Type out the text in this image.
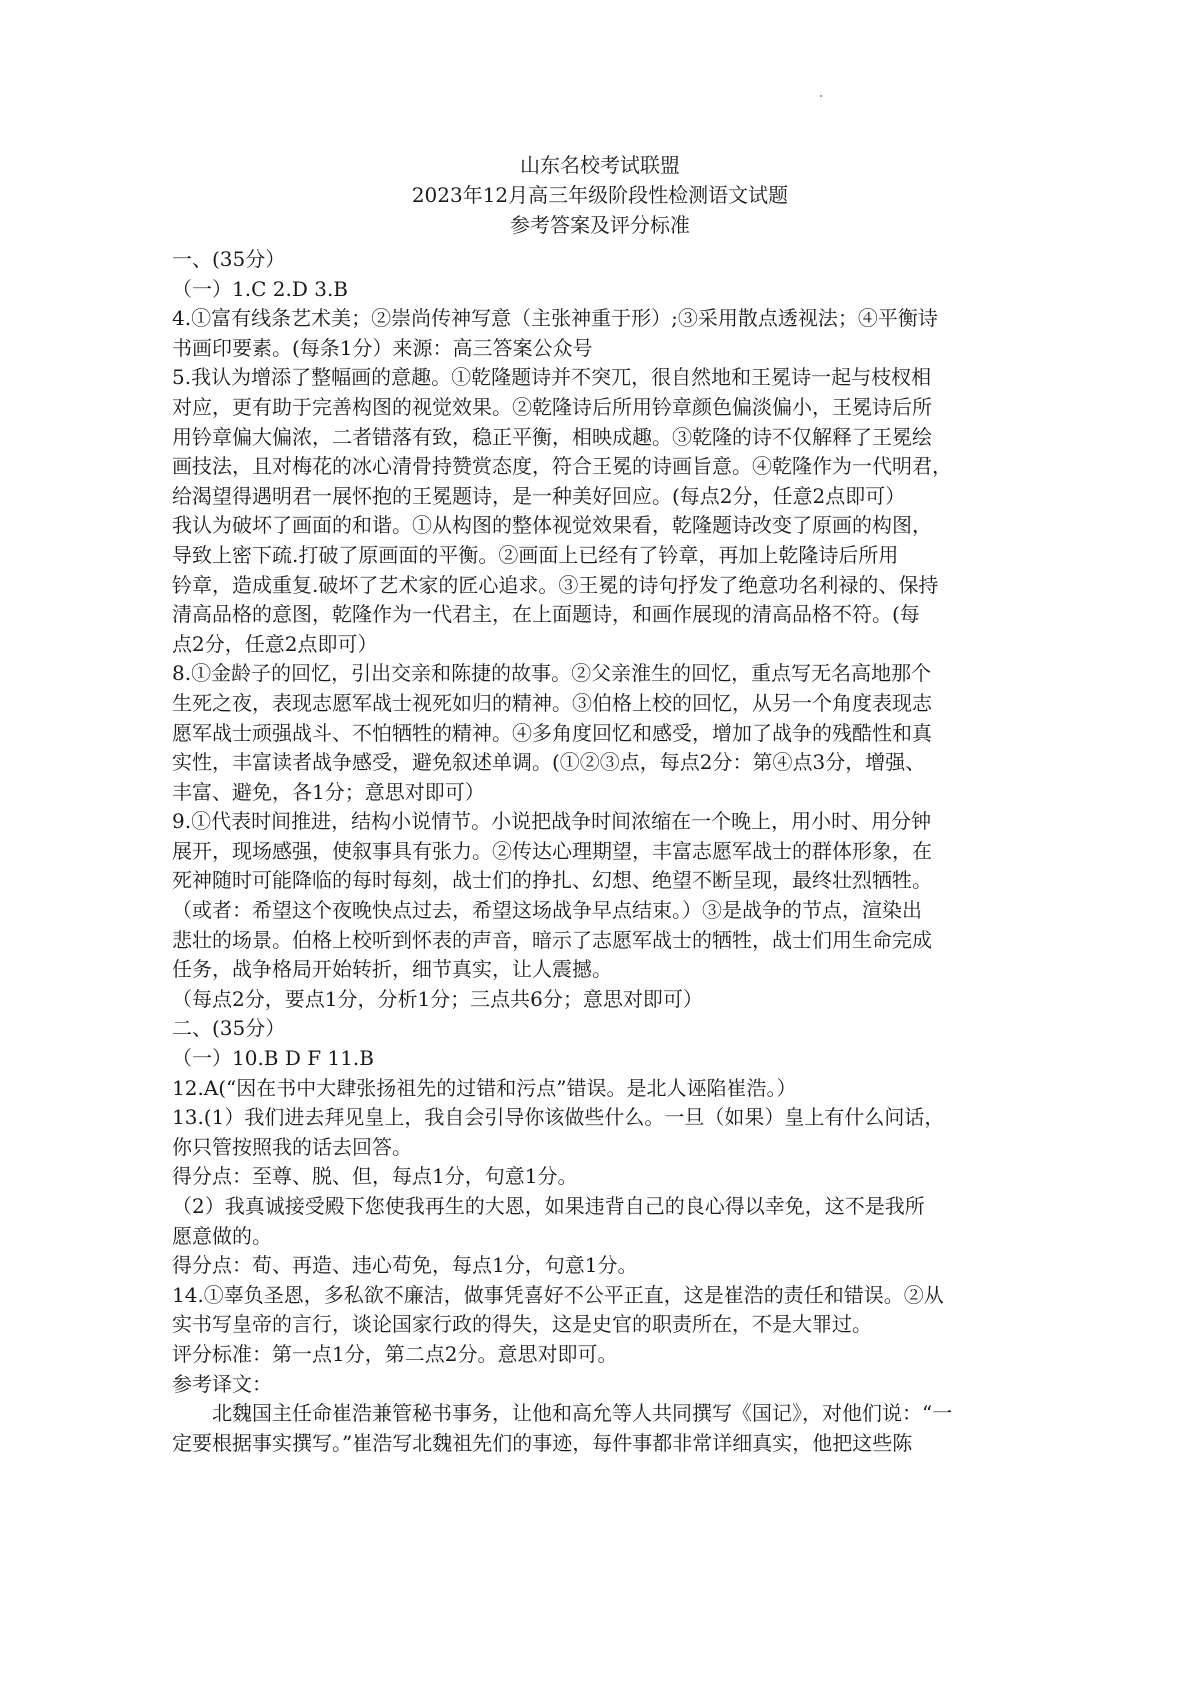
山东名校考试联盟
2023年12月高三年级阶段性检测语文试题
参考答案及评分标准
一、(35分）
（一）1.C 2.D 3.B
4.①富有线条艺术美；②崇尚传神写意（主张神重于形）;③采用散点透视法；④平衡诗
书画印要素。(每条1分）来源：高三答案公众号
5.我认为增添了整幅画的意趣。①乾隆题诗并不突兀，很自然地和王冕诗一起与枝杈相
对应，更有助于完善构图的视觉效果。②乾隆诗后所用钤章颜色偏淡偏小，王冕诗后所
用钤章偏大偏浓，二者错落有致，稳正平衡，相映成趣。③乾隆的诗不仅解释了王冕绘
画技法，且对梅花的冰心清骨持赞赏态度，符合王冕的诗画旨意。④乾隆作为一代明君，
给渴望得遇明君一展怀抱的王冕题诗，是一种美好回应。(每点2分，任意2点即可）
我认为破坏了画面的和谐。①从构图的整体视觉效果看，乾隆题诗改变了原画的构图，
导致上密下疏.打破了原画面的平衡。②画面上已经有了钤章，再加上乾隆诗后所用
钤章，造成重复.破坏了艺术家的匠心追求。③王冕的诗句抒发了绝意功名利禄的、保持
清高品格的意图，乾隆作为一代君主，在上面题诗，和画作展现的清高品格不符。(每
点2分，任意2点即可）
8.①金龄子的回忆，引出交亲和陈捷的故事。②父亲淮生的回忆，重点写无名高地那个
生死之夜，表现志愿军战士视死如归的精神。③伯格上校的回忆，从另一个角度表现志
愿军战士顽强战斗、不怕牺牲的精神。④多角度回忆和感受，增加了战争的残酷性和真
实性，丰富读者战争感受，避免叙述单调。(①②③点，每点2分：第④点3分，增强、
丰富、避免，各1分；意思对即可）
9.①代表时间推进，结构小说情节。小说把战争时间浓缩在一个晚上，用小时、用分钟
展开，现场感强，使叙事具有张力。②传达心理期望，丰富志愿军战士的群体形象，在
死神随时可能降临的每时每刻，战士们的挣扎、幻想、绝望不断呈现，最终壮烈牺牲。
（或者：希望这个夜晚快点过去，希望这场战争早点结束。）③是战争的节点，渲染出
悲壮的场景。伯格上校听到怀表的声音，暗示了志愿军战士的牺牲，战士们用生命完成
任务，战争格局开始转折，细节真实，让人震撼。
（每点2分，要点1分，分析1分；三点共6分；意思对即可）
二、(35分）
（一）10.B D F 11.B
12.A(“因在书中大肆张扬祖先的过错和污点”错误。是北人诬陷崔浩。）
13.(1）我们进去拜见皇上，我自会引导你该做些什么。一旦（如果）皇上有什么问话，
你只管按照我的话去回答。
得分点：至尊、脱、但，每点1分，句意1分。
（2）我真诚接受殿下您使我再生的大恩，如果违背自己的良心得以幸免，这不是我所
愿意做的。
得分点：荀、再造、违心苟免，每点1分，句意1分。
14.①辜负圣恩，多私欲不廉洁，做事凭喜好不公平正直，这是崔浩的责任和错误。②从
实书写皇帝的言行，谈论国家行政的得失，这是史官的职责所在，不是大罪过。
评分标准：第一点1分，第二点2分。意思对即可。
参考译文：
北魏国主任命崔浩兼管秘书事务，让他和高允等人共同撰写《国记》，对他们说：“一
定要根据事实撰写。”崔浩写北魏祖先们的事迹，每件事都非常详细真实，他把这些陈
